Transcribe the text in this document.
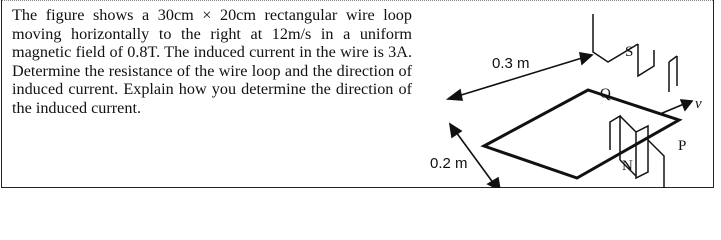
The figure shows a 30cm × 20cm rectangular wire loop moving horizontally to the right at 12m/s in a uniform magnetic field of 0.8T. The induced current in the wire is 3A. Determine the resistance of the wire loop and the direction of induced current. Explain how you determine the direction of the induced current.

0.3 m
0.2 m
S
N
Q
P
v
